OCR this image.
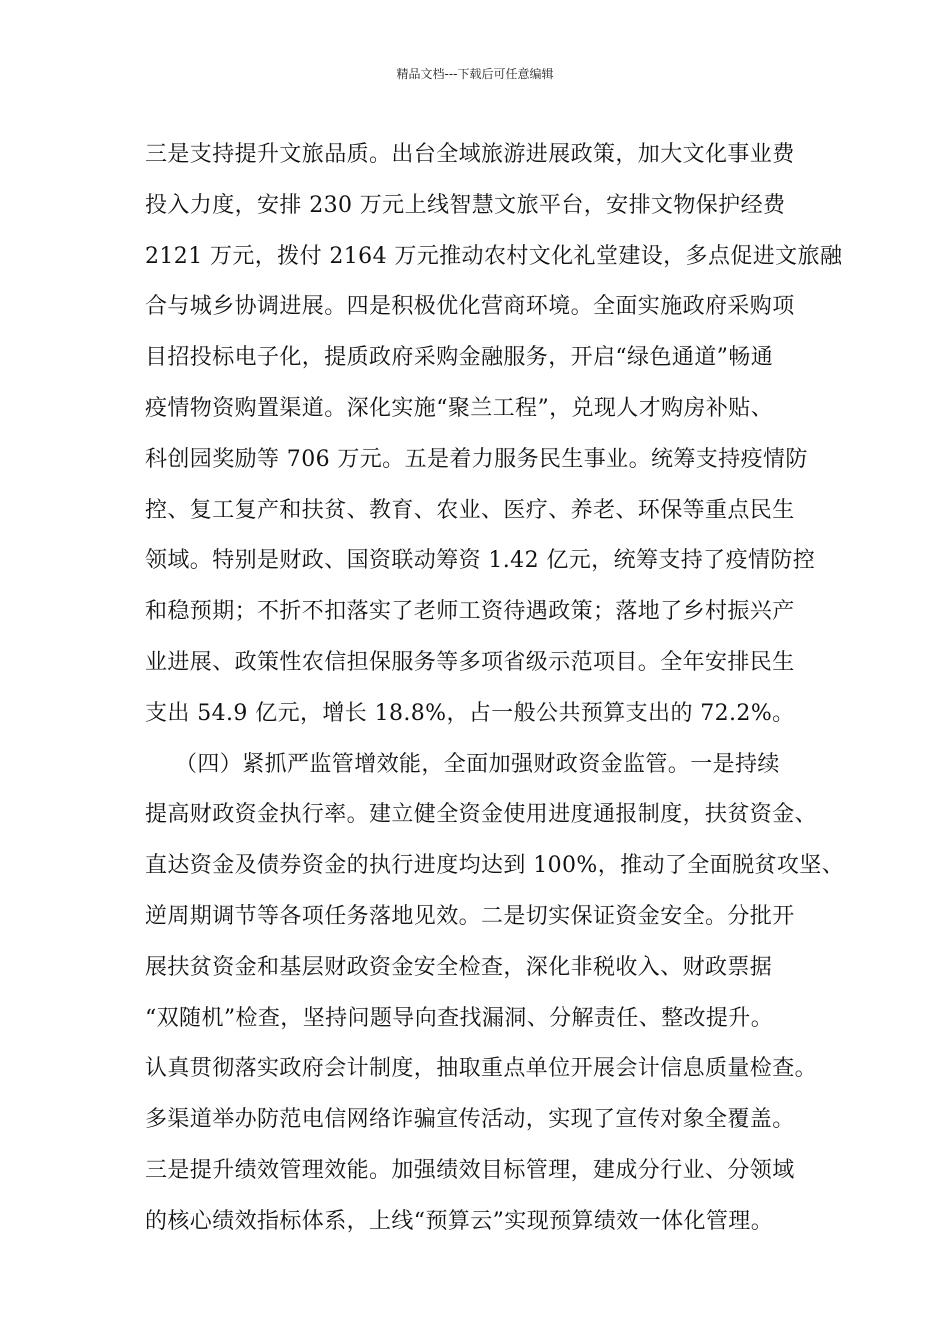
精品文档---下载后可任意编辑
三是支持提升文旅品质。出台全域旅游进展政策，加大文化事业费
投入力度，安排 230 万元上线智慧文旅平台，安排文物保护经费
2121 万元，拨付 2164 万元推动农村文化礼堂建设，多点促进文旅融
合与城乡协调进展。四是积极优化营商环境。全面实施政府采购项
目招投标电子化，提质政府采购金融服务，开启“绿色通道”畅通
疫情物资购置渠道。深化实施“聚兰工程”，兑现人才购房补贴、
科创园奖励等 706 万元。五是着力服务民生事业。统筹支持疫情防
控、复工复产和扶贫、教育、农业、医疗、养老、环保等重点民生
领域。特别是财政、国资联动筹资 1.42 亿元，统筹支持了疫情防控
和稳预期；不折不扣落实了老师工资待遇政策；落地了乡村振兴产
业进展、政策性农信担保服务等多项省级示范项目。全年安排民生
支出 54.9 亿元，增长 18.8%，占一般公共预算支出的 72.2%。
（四）紧抓严监管增效能，全面加强财政资金监管。一是持续
提高财政资金执行率。建立健全资金使用进度通报制度，扶贫资金、
直达资金及债券资金的执行进度均达到 100%，推动了全面脱贫攻坚、
逆周期调节等各项任务落地见效。二是切实保证资金安全。分批开
展扶贫资金和基层财政资金安全检查，深化非税收入、财政票据
“双随机”检查，坚持问题导向查找漏洞、分解责任、整改提升。
认真贯彻落实政府会计制度，抽取重点单位开展会计信息质量检查。
多渠道举办防范电信网络诈骗宣传活动，实现了宣传对象全覆盖。
三是提升绩效管理效能。加强绩效目标管理，建成分行业、分领域
的核心绩效指标体系，上线“预算云”实现预算绩效一体化管理。
